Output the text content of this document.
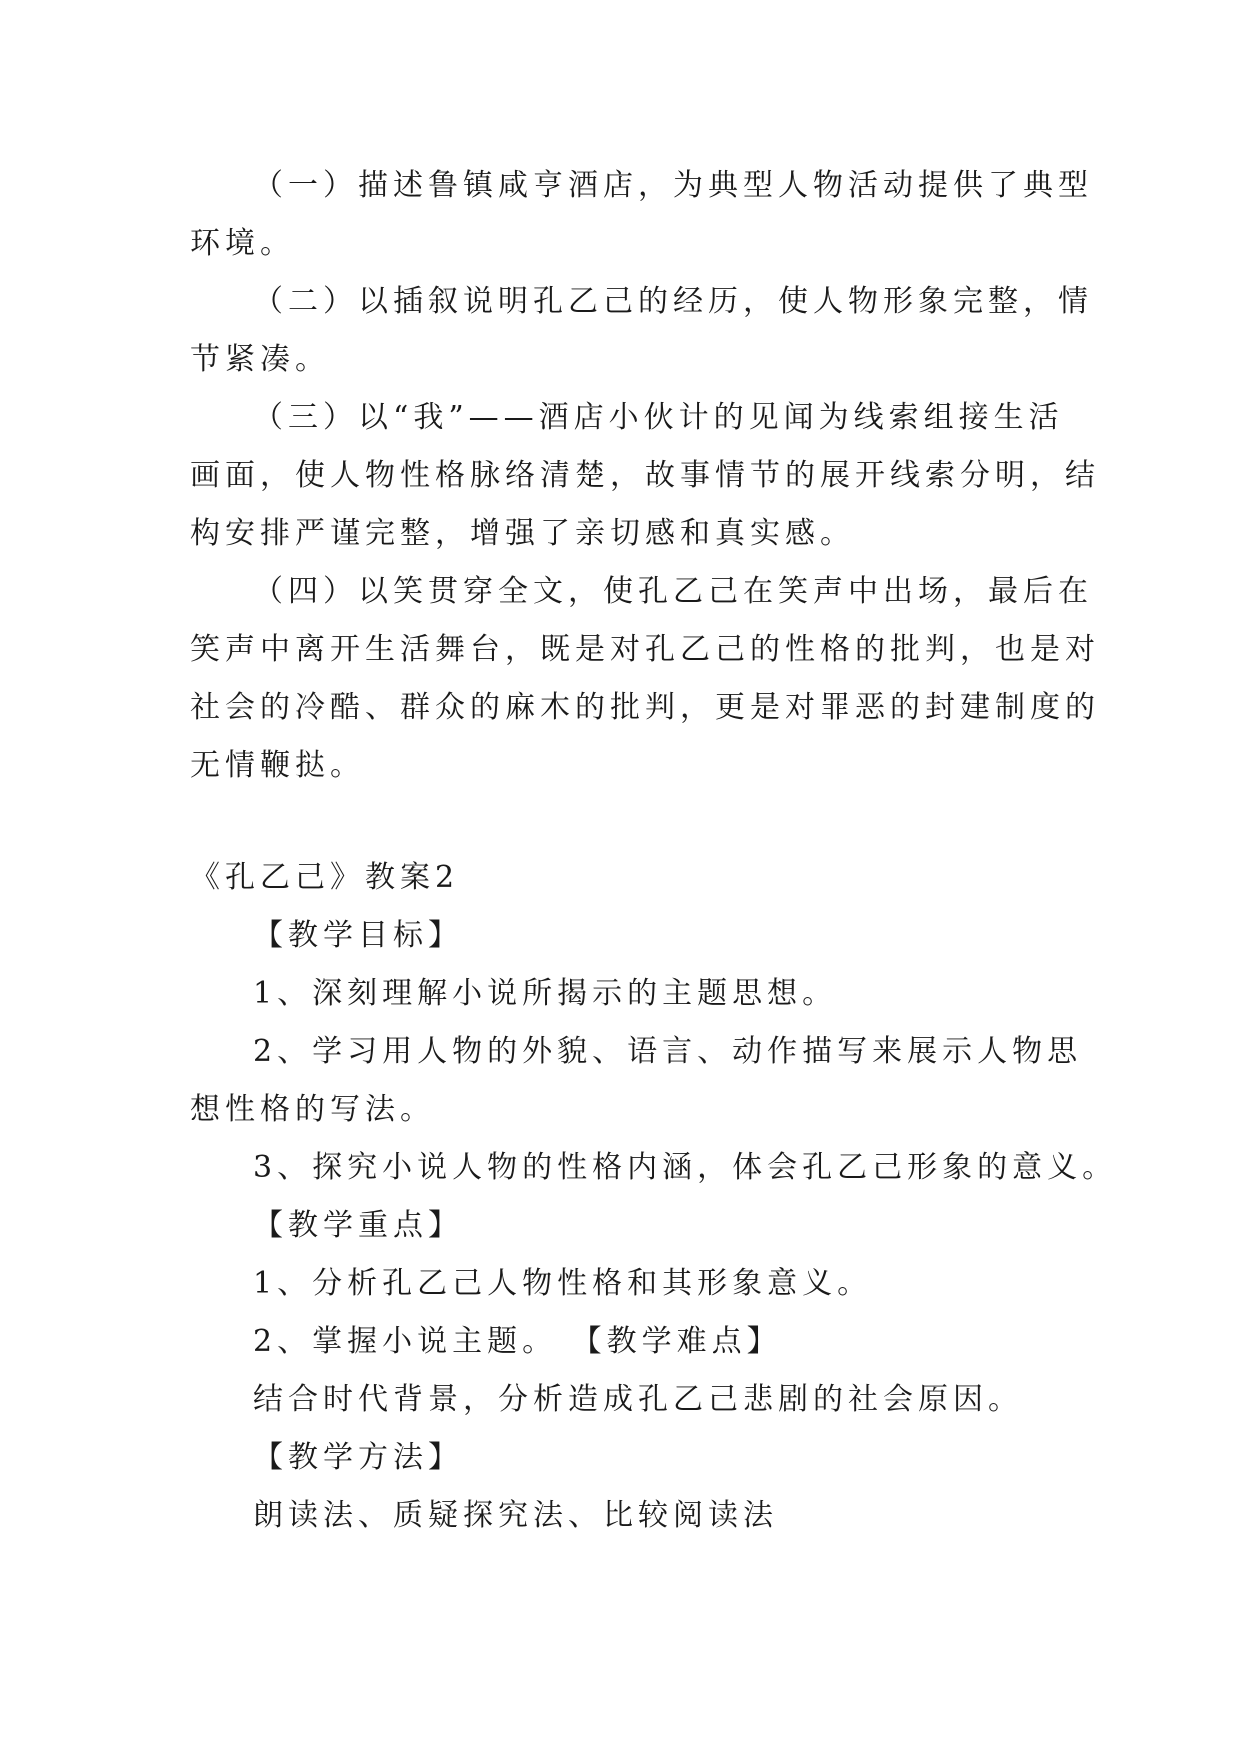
（一）描述鲁镇咸亨酒店，为典型人物活动提供了典型
环境。
（二）以插叙说明孔乙己的经历，使人物形象完整，情
节紧凑。
（三）以“我”——酒店小伙计的见闻为线索组接生活
画面，使人物性格脉络清楚，故事情节的展开线索分明，结
构安排严谨完整，增强了亲切感和真实感。
（四）以笑贯穿全文，使孔乙己在笑声中出场，最后在
笑声中离开生活舞台，既是对孔乙己的性格的批判，也是对
社会的冷酷、群众的麻木的批判，更是对罪恶的封建制度的
无情鞭挞。
《孔乙己》教案2
【教学目标】
1、深刻理解小说所揭示的主题思想。
2、学习用人物的外貌、语言、动作描写来展示人物思
想性格的写法。
3、探究小说人物的性格内涵，体会孔乙己形象的意义。
【教学重点】
1、分析孔乙己人物性格和其形象意义。
2、掌握小说主题。 【教学难点】
结合时代背景，分析造成孔乙己悲剧的社会原因。
【教学方法】
朗读法、质疑探究法、比较阅读法
